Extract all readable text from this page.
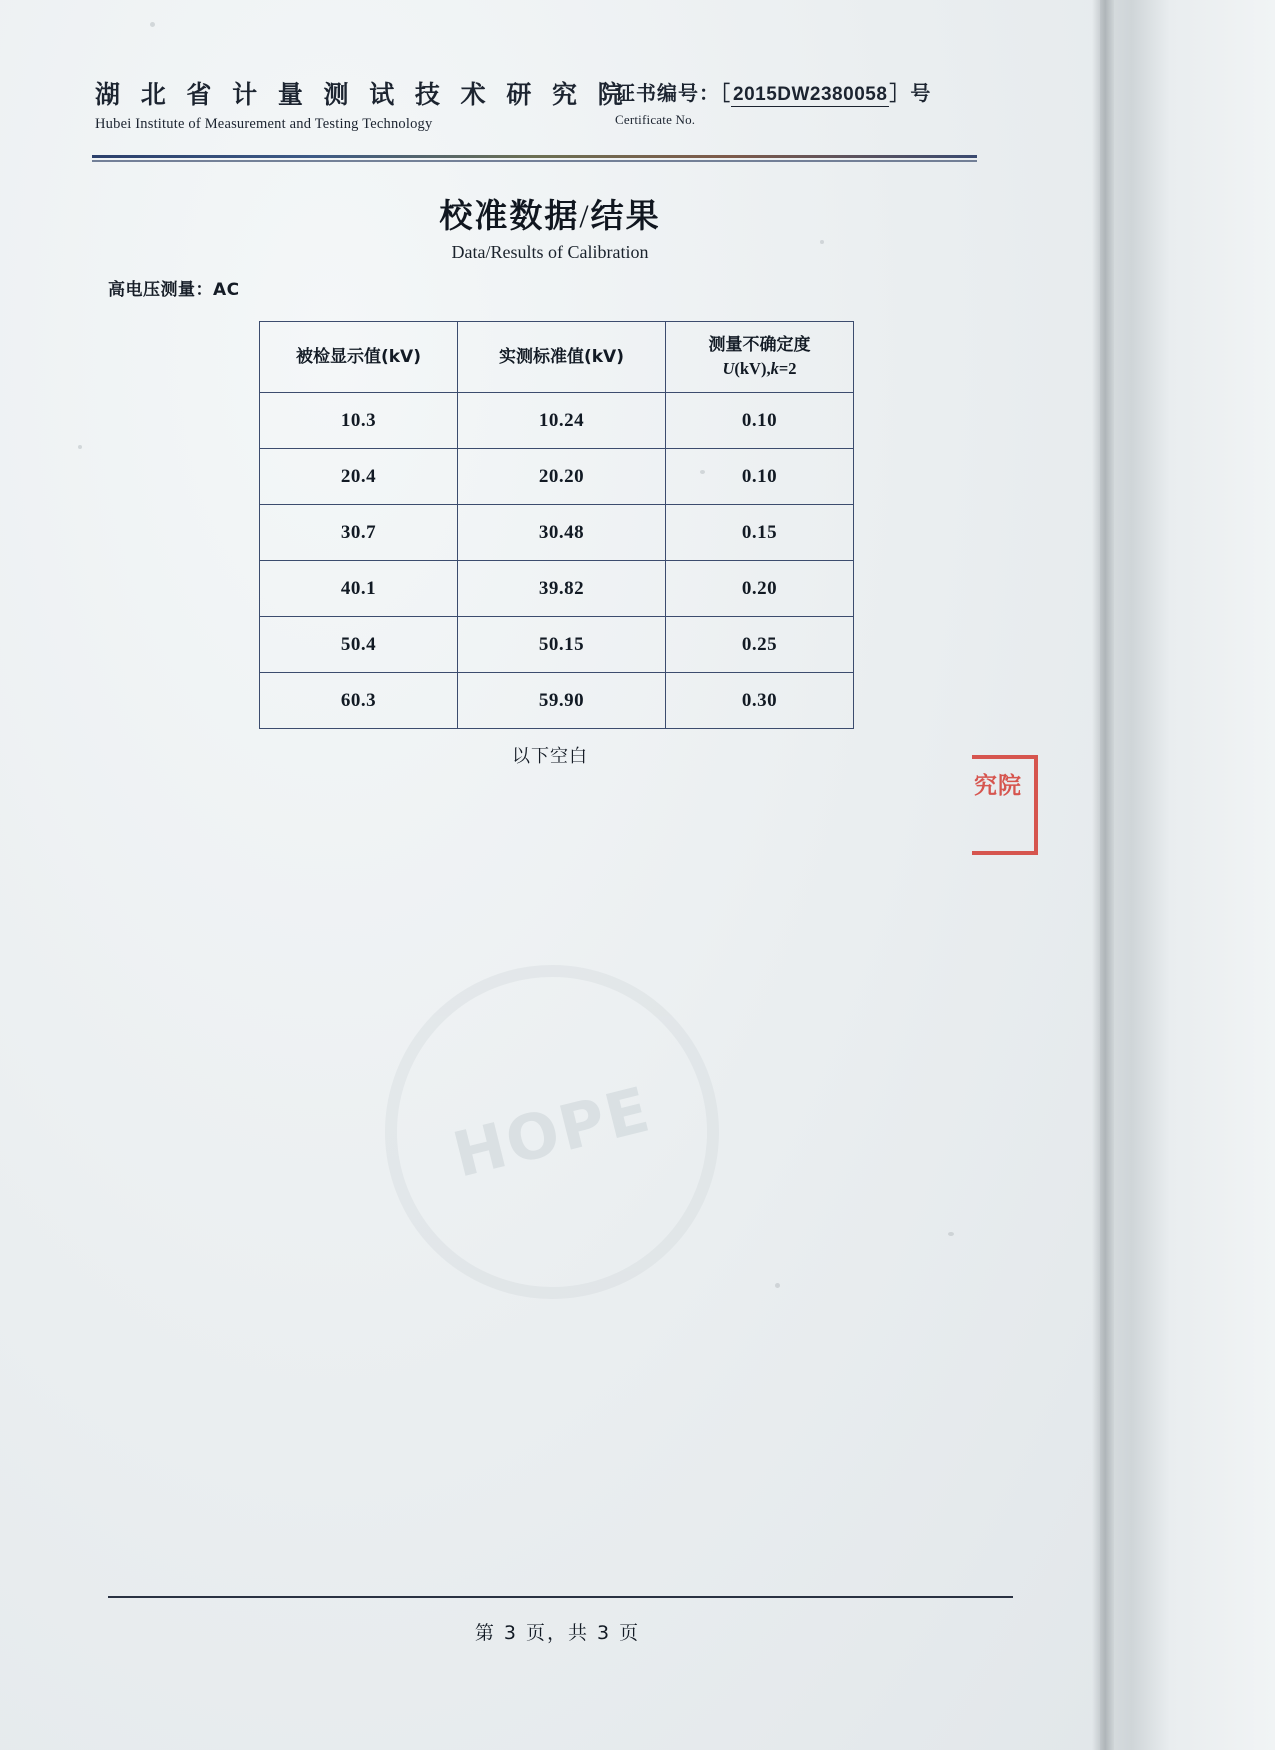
湖 北 省 计 量 测 试 技 术 研 究 院
Hubei Institute of Measurement and Testing Technology
证书编号：［ 2015DW2380058 ］号
Certificate No.
校准数据/结果
Data/Results of Calibration
高电压测量：AC
被检显示值(kV)	实测标准值(kV)	测量不确定度
U(kV),k=2

10.3	10.24	0.10
20.4	20.20	0.10
30.7	30.48	0.15
40.1	39.82	0.20
50.4	50.15	0.25
60.3	59.90	0.30
以下空白
究院
HOPE
第 3 页，共 3 页
